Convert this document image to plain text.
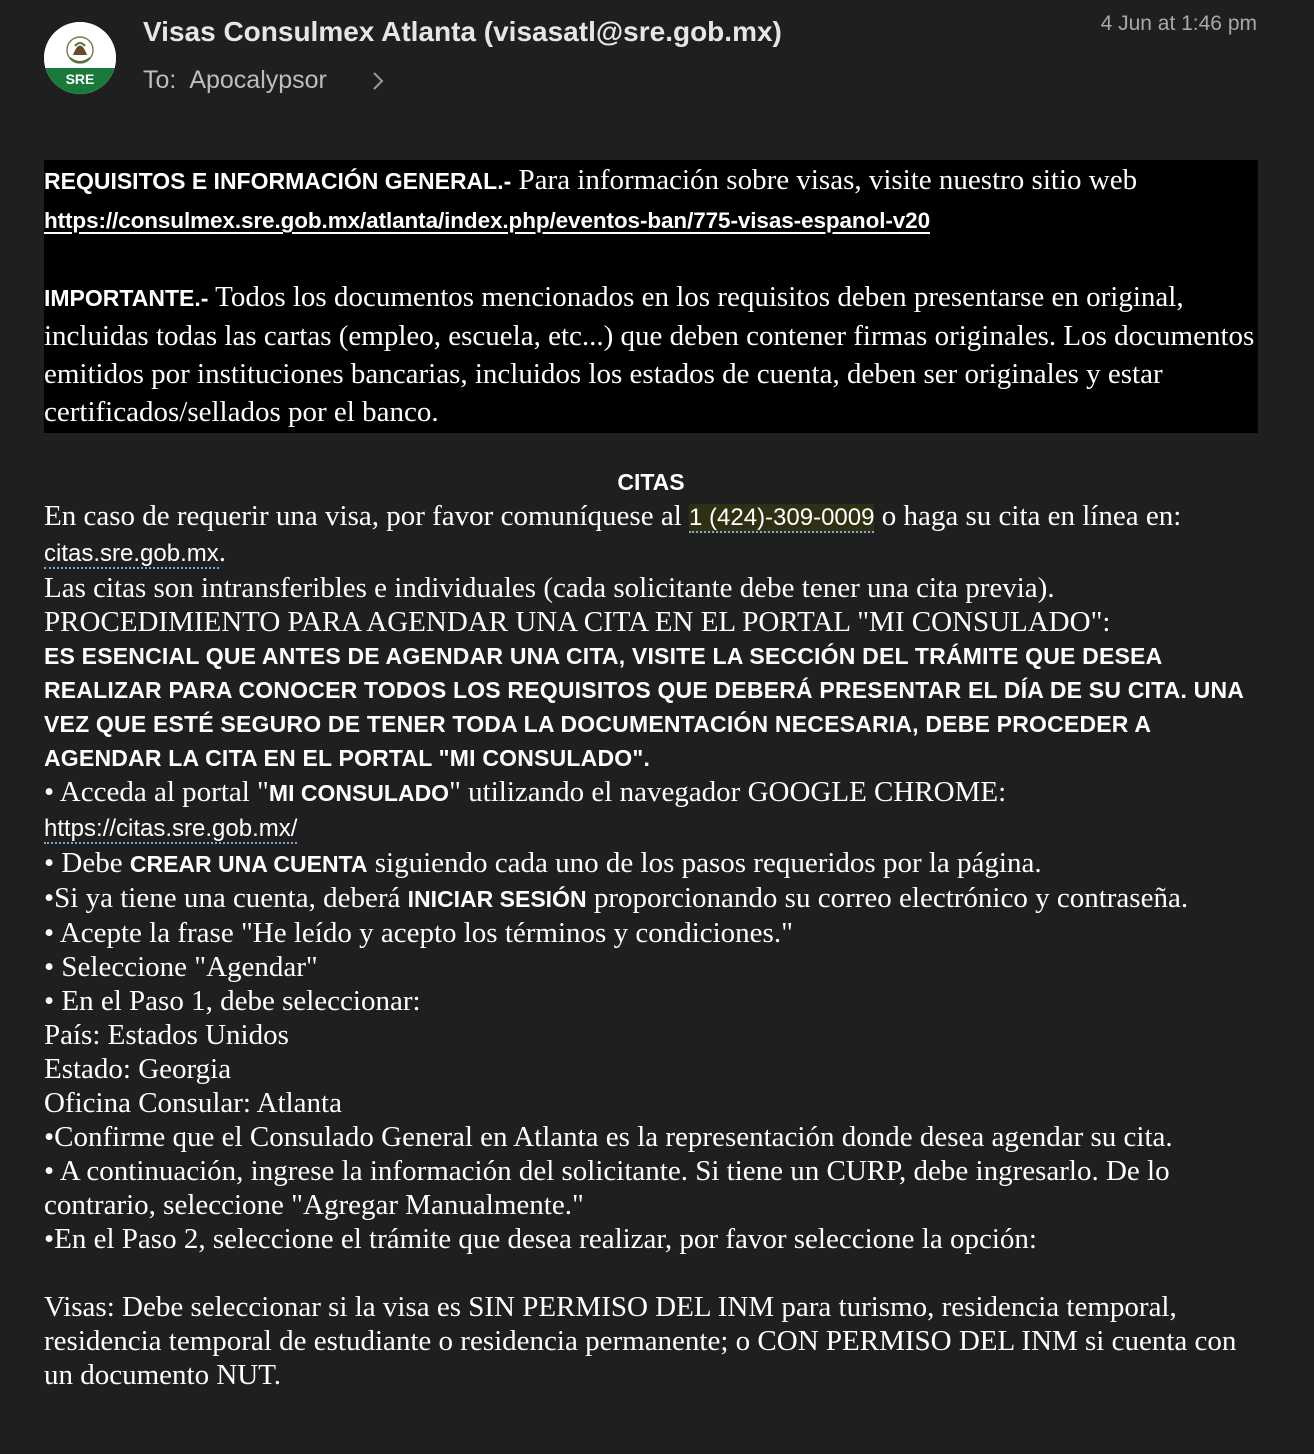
SRE
Visas Consulmex Atlanta (visasatl@sre.gob.mx)
To: Apocalypsor
4 Jun at 1:46 pm

REQUISITOS E INFORMACIÓN GENERAL.- Para información sobre visas, visite nuestro sitio web https://consulmex.sre.gob.mx/atlanta/index.php/eventos-ban/775-visas-espanol-v20

IMPORTANTE.- Todos los documentos mencionados en los requisitos deben presentarse en original, incluidas todas las cartas (empleo, escuela, etc...) que deben contener firmas originales. Los documentos emitidos por instituciones bancarias, incluidos los estados de cuenta, deben ser originales y estar certificados/sellados por el banco.

CITAS

En caso de requerir una visa, por favor comuníquese al 1 (424)-309-0009 o haga su cita en línea en: citas.sre.gob.mx.

Las citas son intransferibles e individuales (cada solicitante debe tener una cita previa).

PROCEDIMIENTO PARA AGENDAR UNA CITA EN EL PORTAL "MI CONSULADO":

ES ESENCIAL QUE ANTES DE AGENDAR UNA CITA, VISITE LA SECCIÓN DEL TRÁMITE QUE DESEA REALIZAR PARA CONOCER TODOS LOS REQUISITOS QUE DEBERÁ PRESENTAR EL DÍA DE SU CITA. UNA VEZ QUE ESTÉ SEGURO DE TENER TODA LA DOCUMENTACIÓN NECESARIA, DEBE PROCEDER A AGENDAR LA CITA EN EL PORTAL "MI CONSULADO".

• Acceda al portal "MI CONSULADO" utilizando el navegador GOOGLE CHROME:

https://citas.sre.gob.mx/

• Debe CREAR UNA CUENTA siguiendo cada uno de los pasos requeridos por la página.

•Si ya tiene una cuenta, deberá INICIAR SESIÓN proporcionando su correo electrónico y contraseña.

• Acepte la frase "He leído y acepto los términos y condiciones."

• Seleccione "Agendar"

• En el Paso 1, debe seleccionar:

País: Estados Unidos

Estado: Georgia

Oficina Consular: Atlanta

•Confirme que el Consulado General en Atlanta es la representación donde desea agendar su cita.

• A continuación, ingrese la información del solicitante. Si tiene un CURP, debe ingresarlo. De lo contrario, seleccione "Agregar Manualmente."

•En el Paso 2, seleccione el trámite que desea realizar, por favor seleccione la opción:

Visas: Debe seleccionar si la visa es SIN PERMISO DEL INM para turismo, residencia temporal, residencia temporal de estudiante o residencia permanente; o CON PERMISO DEL INM si cuenta con un documento NUT.
